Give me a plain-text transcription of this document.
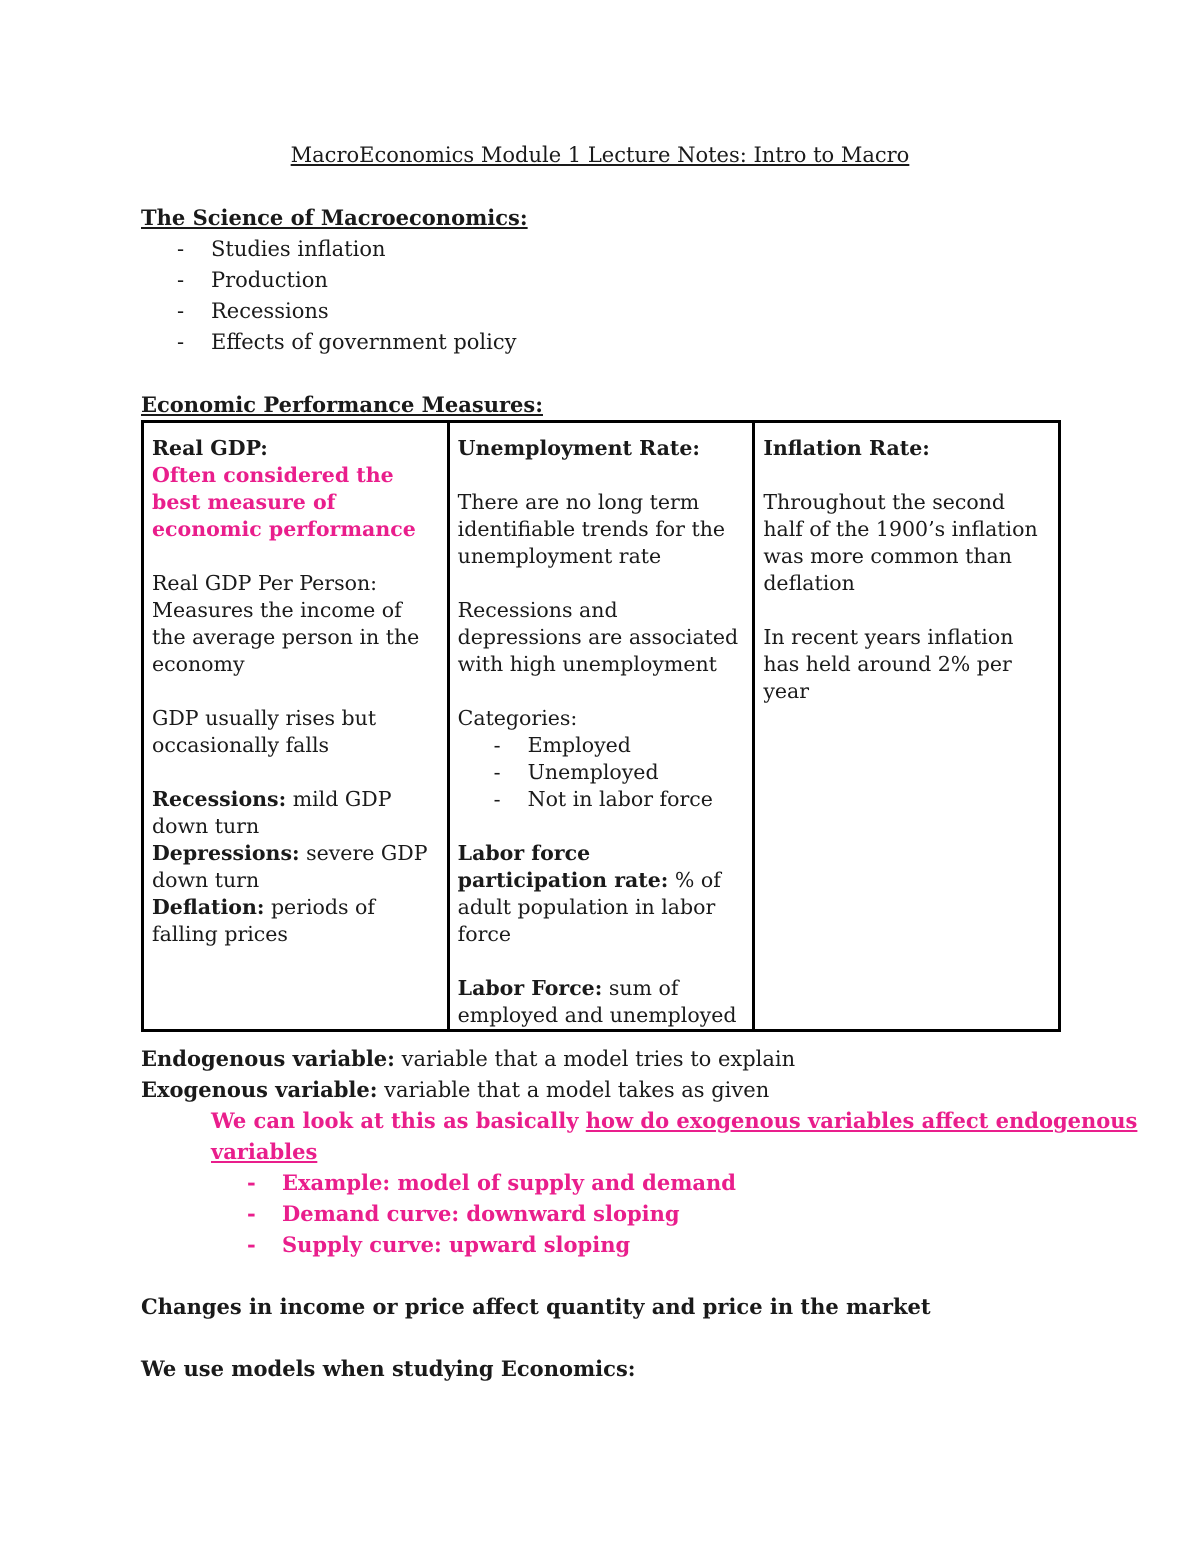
MacroEconomics Module 1 Lecture Notes: Intro to Macro
The Science of Macroeconomics:
- Studies inflation
- Production
- Recessions
- Effects of government policy
Economic Performance Measures:

Real GDP:

Often considered the best measure of economic performance

Real GDP Per Person: Measures the income of the average person in the economy

GDP usually rises but occasionally falls

Recessions: mild GDP down turn

Depressions: severe GDP down turn

Deflation: periods of falling prices

Unemployment Rate:

There are no long term identifiable trends for the unemployment rate

Recessions and depressions are associated with high unemployment

Categories:

- Employed
- Unemployed
- Not in labor force

Labor force participation rate: % of adult population in labor force

Labor Force: sum of employed and unemployed

Inflation Rate:

Throughout the second half of the 1900’s inflation was more common than deflation

In recent years inflation has held around 2% per year

Endogenous variable: variable that a model tries to explain
Exogenous variable: variable that a model takes as given
We can look at this as basically how do exogenous variables affect endogenous
variables
- Example: model of supply and demand
- Demand curve: downward sloping
- Supply curve: upward sloping
Changes in income or price affect quantity and price in the market
We use models when studying Economics:
